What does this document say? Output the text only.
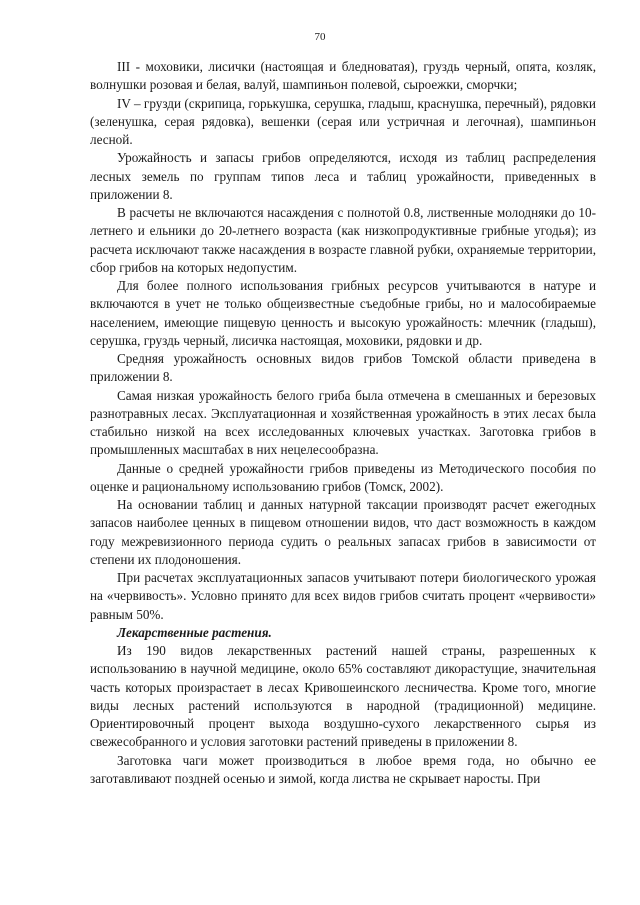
70

III - моховики, лисички (настоящая и бледноватая), груздь черный, опята, козляк, волнушки розовая и белая, валуй, шампиньон полевой, сыроежки, сморчки;

IV – грузди (скрипица, горькушка, серушка, гладыш, краснушка, перечный), рядовки (зеленушка, серая рядовка), вешенки (серая или устричная и легочная), шампиньон лесной.

Урожайность и запасы грибов определяются, исходя из таблиц распределения лесных земель по группам типов леса и таблиц урожайности, приведенных в приложении 8.

В расчеты не включаются насаждения с полнотой 0.8, лиственные молодняки до 10-летнего и ельники до 20-летнего возраста (как низкопродуктивные грибные угодья); из расчета исключают также насаждения в возрасте главной рубки, охраняемые территории, сбор грибов на которых недопустим.

Для более полного использования грибных ресурсов учитываются в натуре и включаются в учет не только общеизвестные съедобные грибы, но и малособираемые населением, имеющие пищевую ценность и высокую урожайность: млечник (гладыш), серушка, груздь черный, лисичка настоящая, моховики, рядовки и др.

Средняя урожайность основных видов грибов Томской области приведена в приложении 8.

Самая низкая урожайность белого гриба была отмечена в смешанных и березовых разнотравных лесах. Эксплуатационная и хозяйственная урожайность в этих лесах была стабильно низкой на всех исследованных ключевых участках. Заготовка грибов в промышленных масштабах в них нецелесообразна.

Данные о средней урожайности грибов приведены из Методического пособия по оценке и рациональному использованию грибов (Томск, 2002).

На основании таблиц и данных натурной таксации производят расчет ежегодных запасов наиболее ценных в пищевом отношении видов, что даст возможность в каждом году межревизионного периода судить о реальных запасах грибов в зависимости от степени их плодоношения.

При расчетах эксплуатационных запасов учитывают потери биологического урожая на «червивость». Условно принято для всех видов грибов считать процент «червивости» равным 50%.

Лекарственные растения.

Из 190 видов лекарственных растений нашей страны, разрешенных к использованию в научной медицине, около 65% составляют дикорастущие, значительная часть которых произрастает в лесах Кривошеинского лесничества. Кроме того, многие виды лесных растений используются в народной (традиционной) медицине. Ориентировочный процент выхода воздушно-сухого лекарственного сырья из свежесобранного и условия заготовки растений приведены в приложении 8.

Заготовка чаги может производиться в любое время года, но обычно ее заготавливают поздней осенью и зимой, когда листва не скрывает наросты. При
